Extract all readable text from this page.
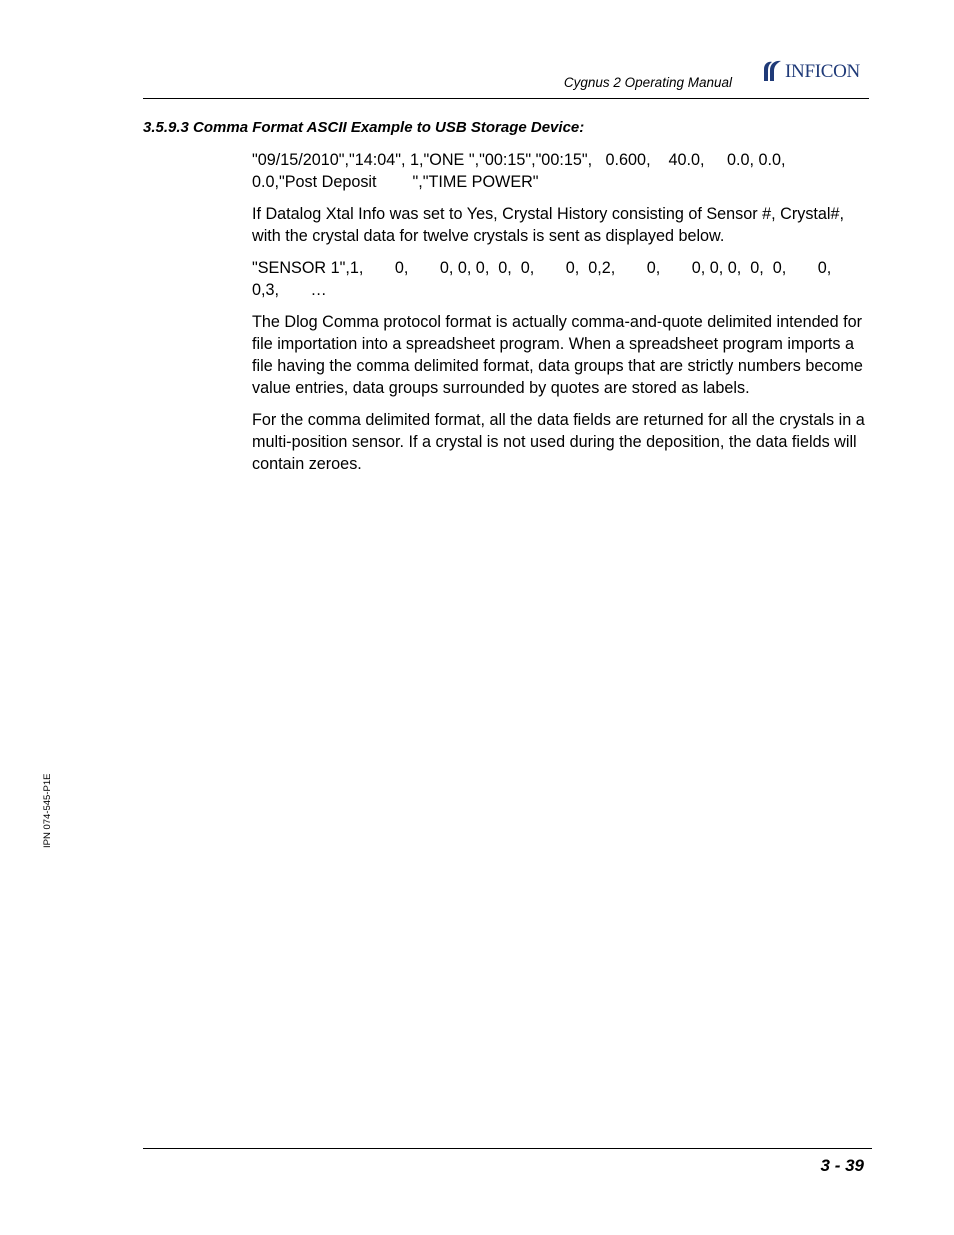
Cygnus 2 Operating Manual
INFICON
3.5.9.3 Comma Format ASCII Example to USB Storage Device:

"09/15/2010","14:04", 1,"ONE ","00:15","00:15",   0.600,    40.0,     0.0, 0.0,
0.0,"Post Deposit        ","TIME POWER"

If Datalog Xtal Info was set to Yes, Crystal History consisting of Sensor #, Crystal#, with the crystal data for twelve crystals is sent as displayed below.

"SENSOR 1",1,       0,       0, 0, 0,  0,  0,       0,  0,2,       0,       0, 0, 0,  0,  0,       0,
0,3,       …

The Dlog Comma protocol format is actually comma-and-quote delimited intended for file importation into a spreadsheet program. When a spreadsheet program imports a file having the comma delimited format, data groups that are strictly numbers become value entries, data groups surrounded by quotes are stored as labels.

For the comma delimited format, all the data fields are returned for all the crystals in a multi-position sensor. If a crystal is not used during the deposition, the data fields will contain zeroes.

IPN 074-545-P1E
3 - 39
